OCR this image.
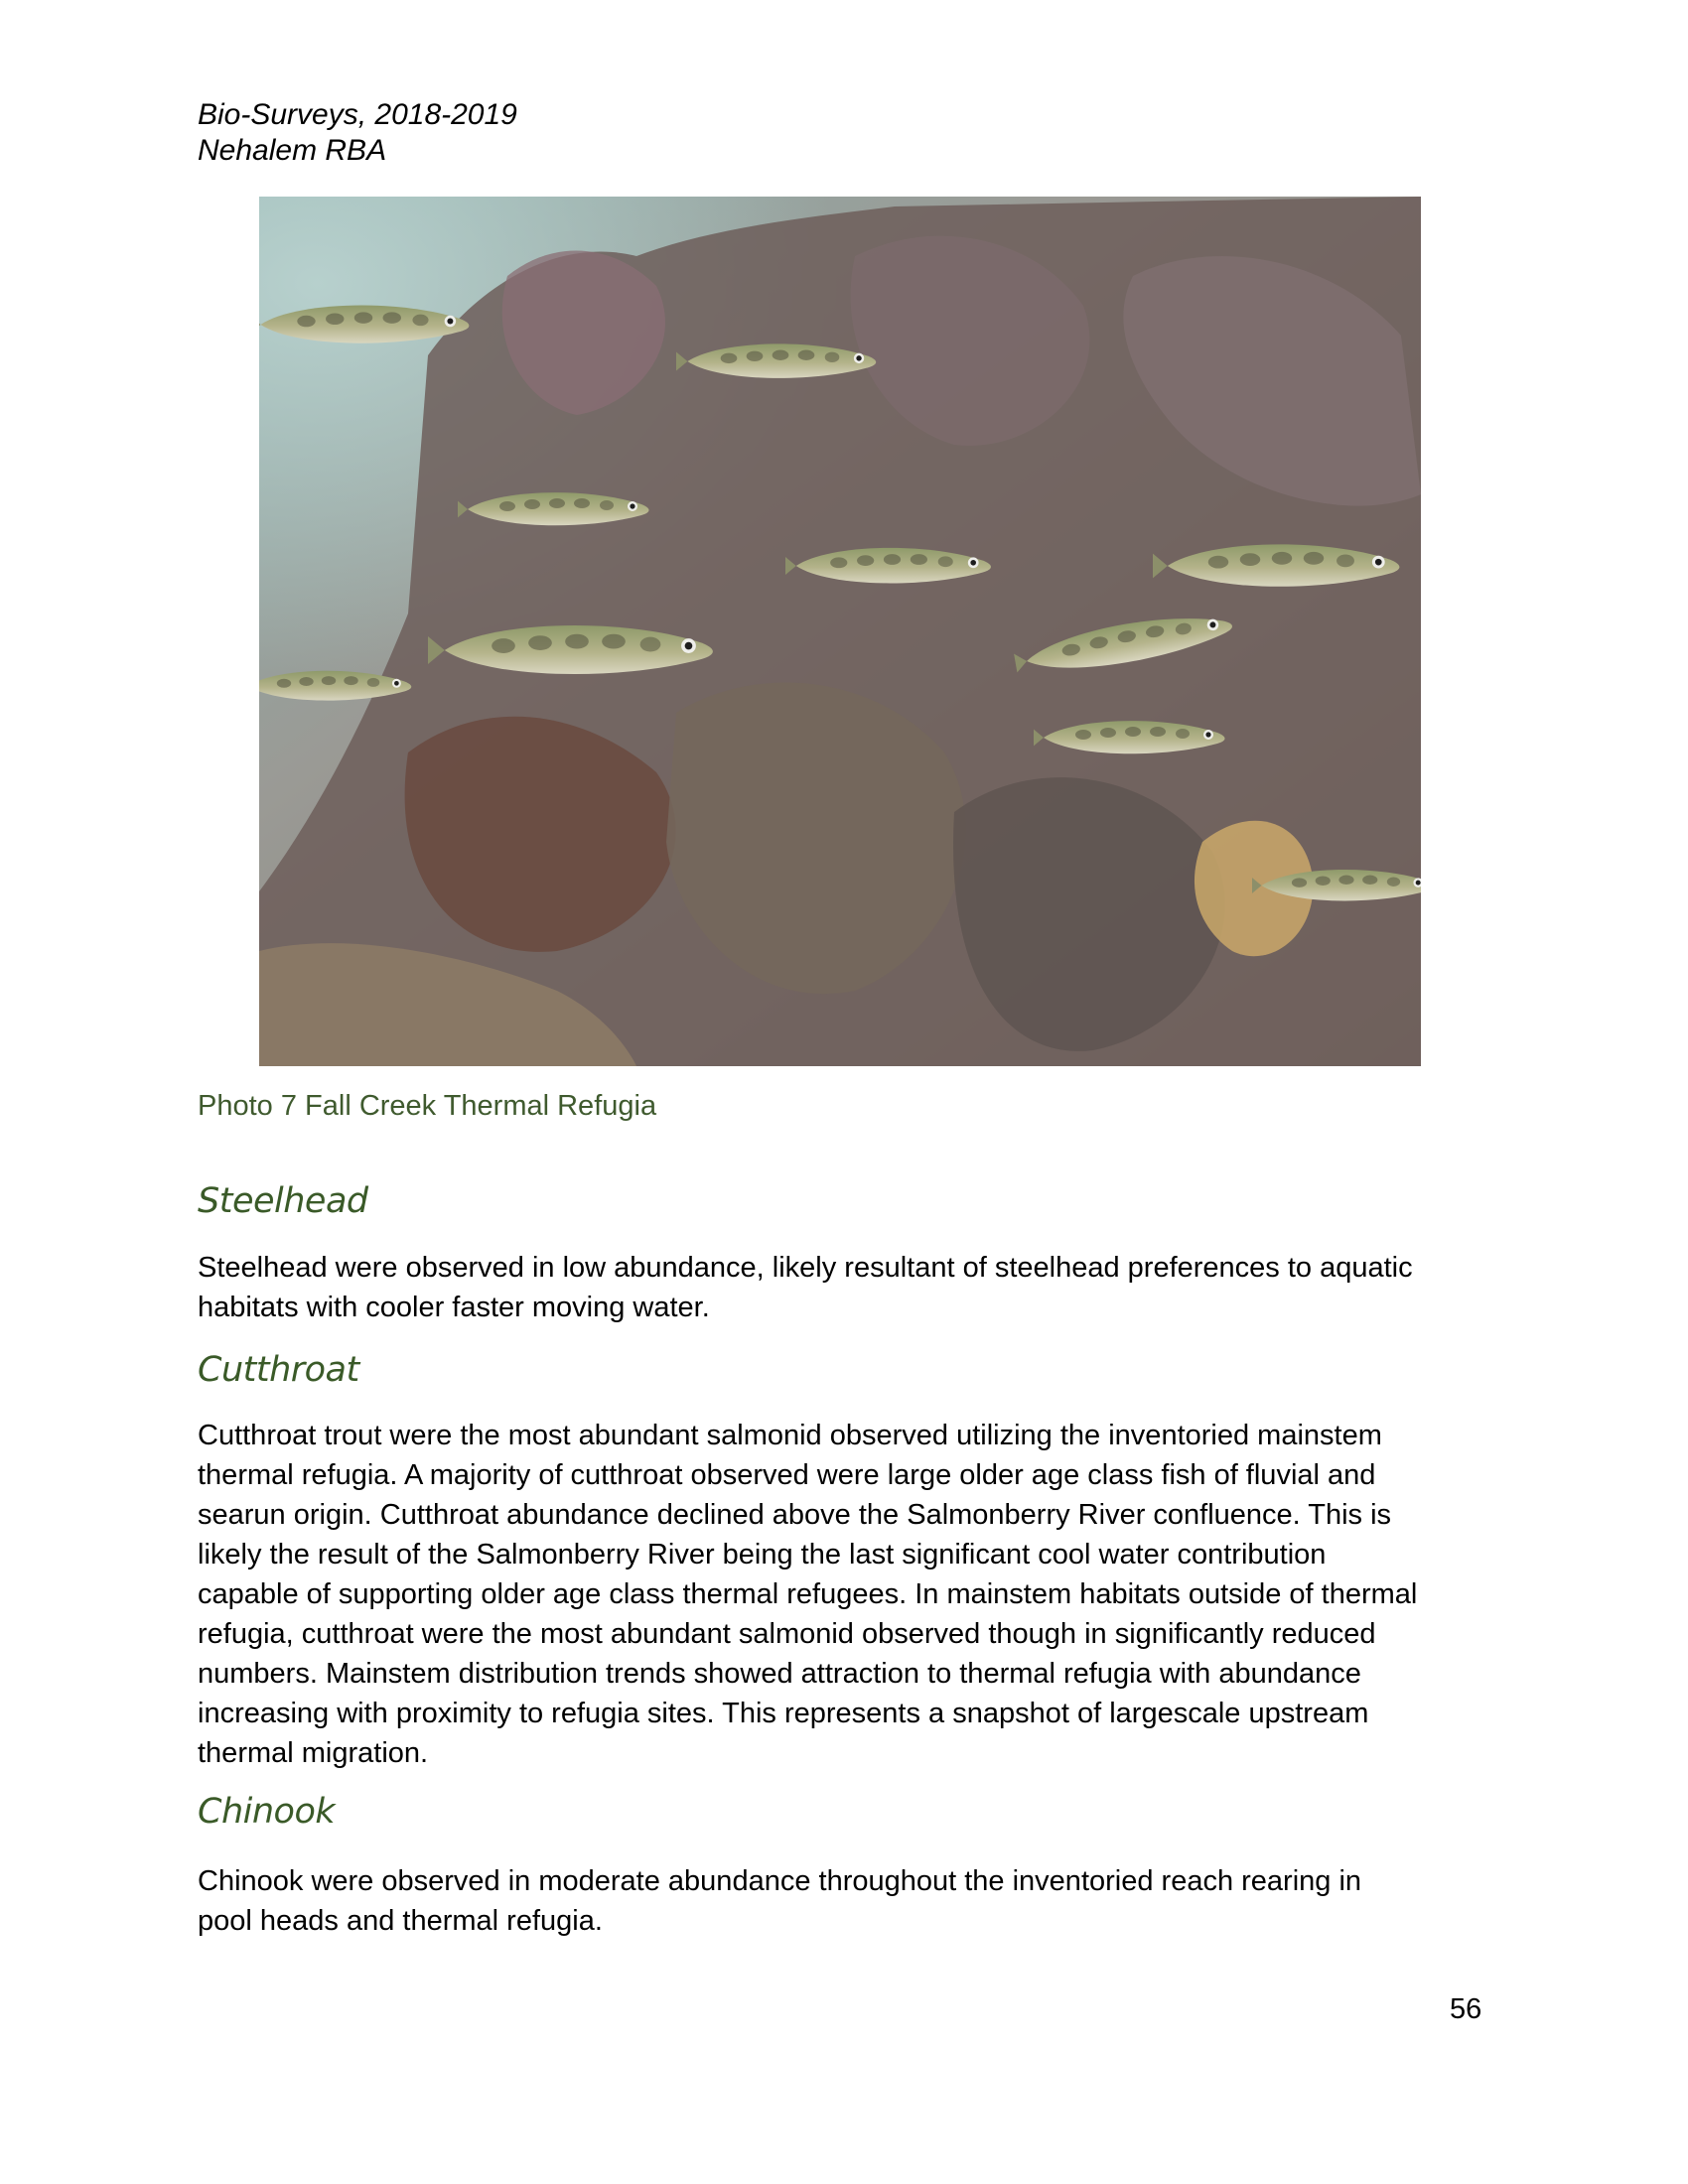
Bio-Surveys, 2018-2019
Nehalem RBA
Photo 7 Fall Creek Thermal Refugia
Steelhead
Steelhead were observed in low abundance, likely resultant of steelhead preferences to aquatic
habitats with cooler faster moving water.
Cutthroat
Cutthroat trout were the most abundant salmonid observed utilizing the inventoried mainstem
thermal refugia. A majority of cutthroat observed were large older age class fish of fluvial and
searun origin. Cutthroat abundance declined above the Salmonberry River confluence. This is
likely the result of the Salmonberry River being the last significant cool water contribution
capable of supporting older age class thermal refugees. In mainstem habitats outside of thermal
refugia, cutthroat were the most abundant salmonid observed though in significantly reduced
numbers. Mainstem distribution trends showed attraction to thermal refugia with abundance
increasing with proximity to refugia sites. This represents a snapshot of largescale upstream
thermal migration.
Chinook
Chinook were observed in moderate abundance throughout the inventoried reach rearing in
pool heads and thermal refugia.
56
